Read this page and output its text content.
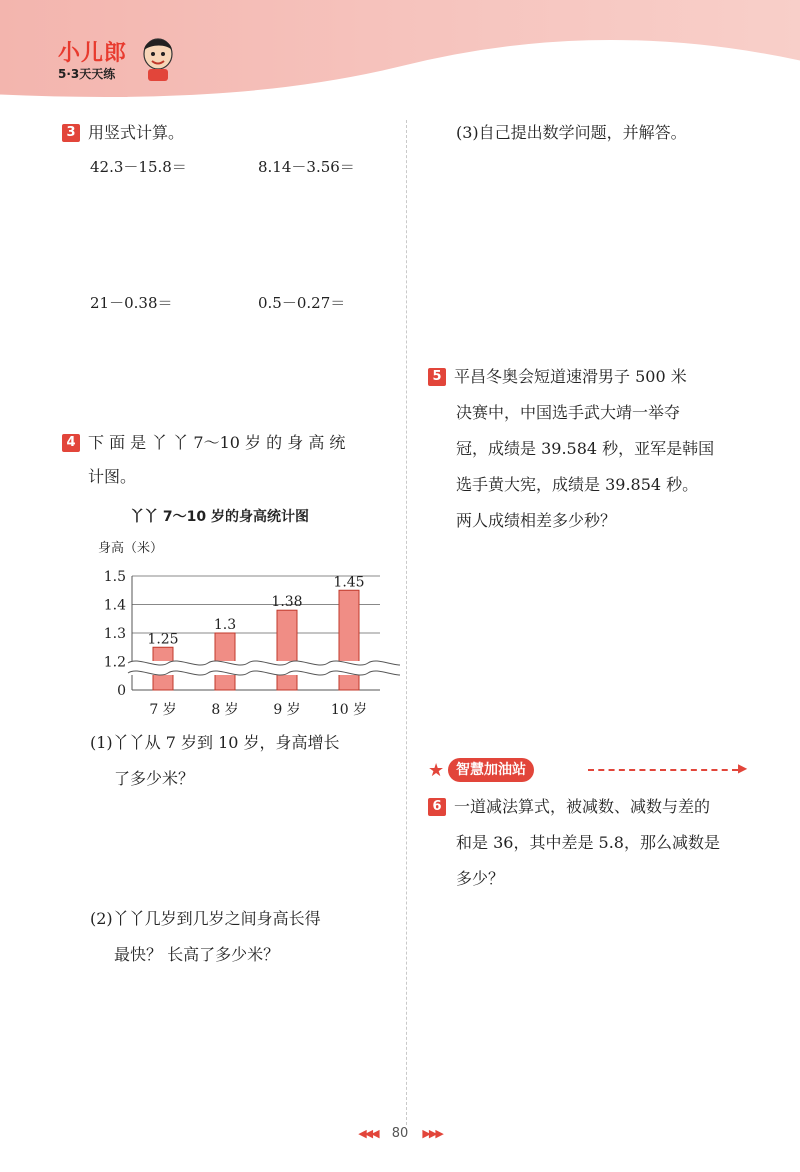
小儿郎
5·3天天练
3 用竖式计算。
42.3－15.8＝	8.14－3.56＝
21－0.38＝	0.5－0.27＝
4 下 面 是 丫 丫 7～10 岁 的 身 高 统
计图。
丫丫 7～10 岁的身高统计图
身高（米）
1.5
1.4
1.3
1.2
0
1.25
7 岁
1.3
8 岁
1.38
9 岁
1.45
10 岁
(1)丫丫从 7 岁到 10 岁，身高增长
了多少米？
(2)丫丫几岁到几岁之间身高长得
最快？ 长高了多少米？
(3)自己提出数学问题，并解答。
5 平昌冬奥会短道速滑男子 500 米
决赛中，中国选手武大靖一举夺
冠，成绩是 39.584 秒，亚军是韩国
选手黄大宪，成绩是 39.854 秒。
两人成绩相差多少秒？
★ 智慧加油站	▶
6 一道减法算式，被减数、减数与差的
和是 36，其中差是 5.8，那么减数是
多少？
◀◀◀ 80 ▶▶▶
